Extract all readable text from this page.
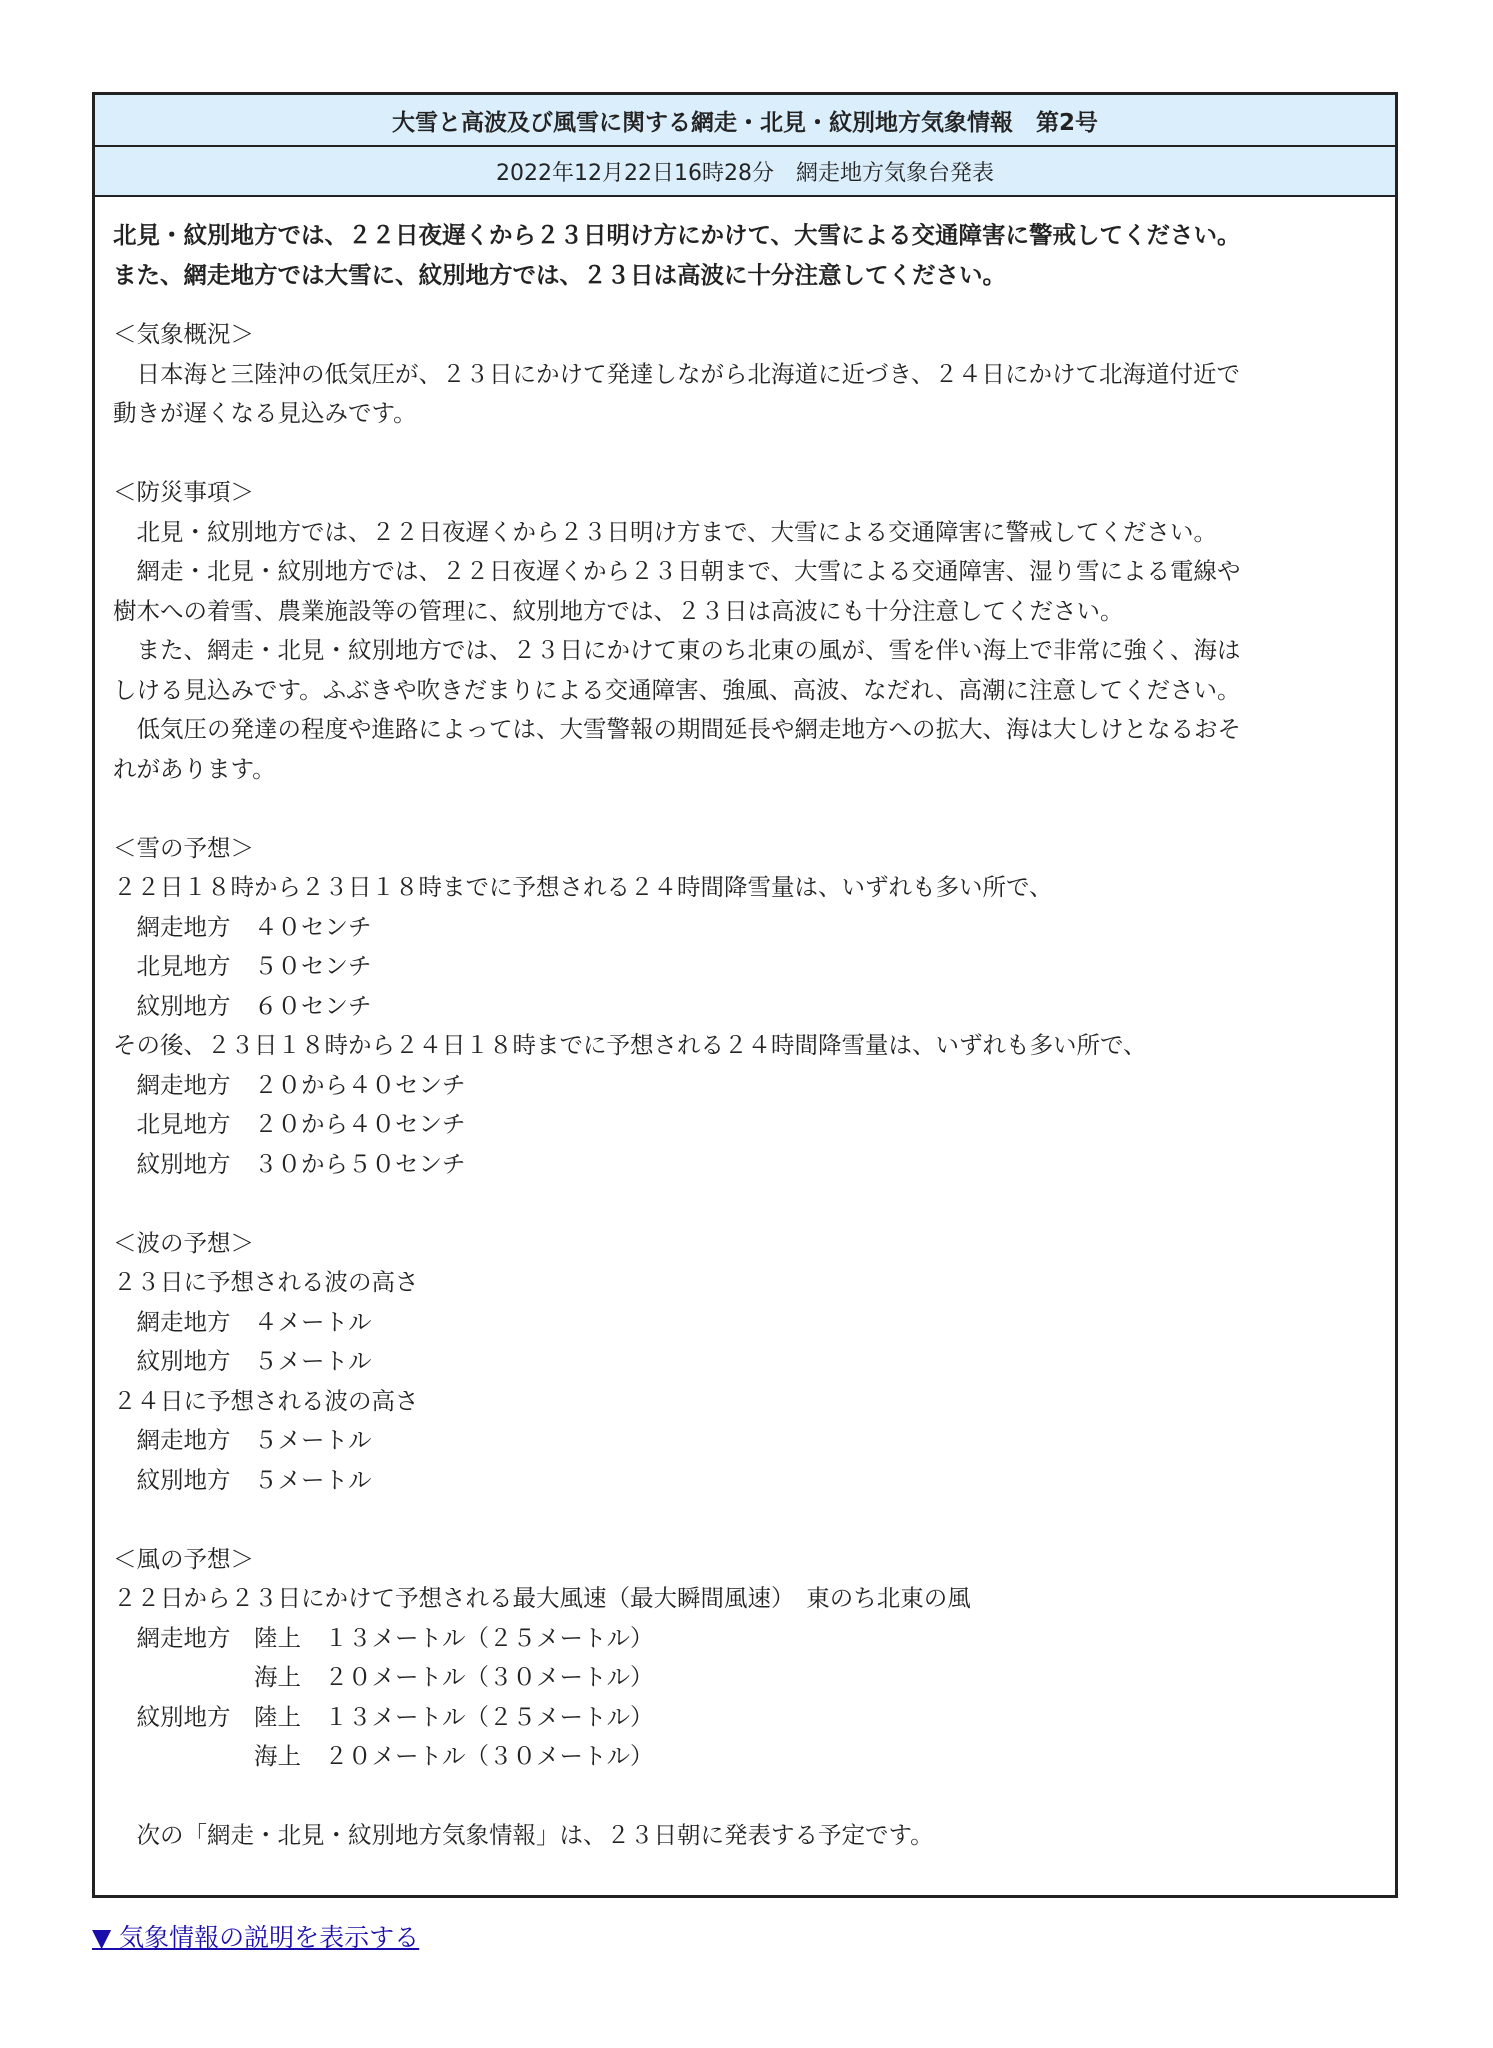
大雪と高波及び風雪に関する網走・北見・紋別地方気象情報　第2号
2022年12月22日16時28分　網走地方気象台発表
北見・紋別地方では、２２日夜遅くから２３日明け方にかけて、大雪による交通障害に警戒してください。
また、網走地方では大雪に、紋別地方では、２３日は高波に十分注意してください。
＜気象概況＞
　日本海と三陸沖の低気圧が、２３日にかけて発達しながら北海道に近づき、２４日にかけて北海道付近で
動きが遅くなる見込みです。
＜防災事項＞
　北見・紋別地方では、２２日夜遅くから２３日明け方まで、大雪による交通障害に警戒してください。
　網走・北見・紋別地方では、２２日夜遅くから２３日朝まで、大雪による交通障害、湿り雪による電線や
樹木への着雪、農業施設等の管理に、紋別地方では、２３日は高波にも十分注意してください。
　また、網走・北見・紋別地方では、２３日にかけて東のち北東の風が、雪を伴い海上で非常に強く、海は
しける見込みです。ふぶきや吹きだまりによる交通障害、強風、高波、なだれ、高潮に注意してください。
　低気圧の発達の程度や進路によっては、大雪警報の期間延長や網走地方への拡大、海は大しけとなるおそ
れがあります。
＜雪の予想＞
２２日１８時から２３日１８時までに予想される２４時間降雪量は、いずれも多い所で、
　網走地方　４０センチ
　北見地方　５０センチ
　紋別地方　６０センチ
その後、２３日１８時から２４日１８時までに予想される２４時間降雪量は、いずれも多い所で、
　網走地方　２０から４０センチ
　北見地方　２０から４０センチ
　紋別地方　３０から５０センチ
＜波の予想＞
２３日に予想される波の高さ
　網走地方　４メートル
　紋別地方　５メートル
２４日に予想される波の高さ
　網走地方　５メートル
　紋別地方　５メートル
＜風の予想＞
２２日から２３日にかけて予想される最大風速（最大瞬間風速）　東のち北東の風
　網走地方　陸上　１３メートル（２５メートル）
　　　　　　海上　２０メートル（３０メートル）
　紋別地方　陸上　１３メートル（２５メートル）
　　　　　　海上　２０メートル（３０メートル）
　次の「網走・北見・紋別地方気象情報」は、２３日朝に発表する予定です。
▼ 気象情報の説明を表示する
